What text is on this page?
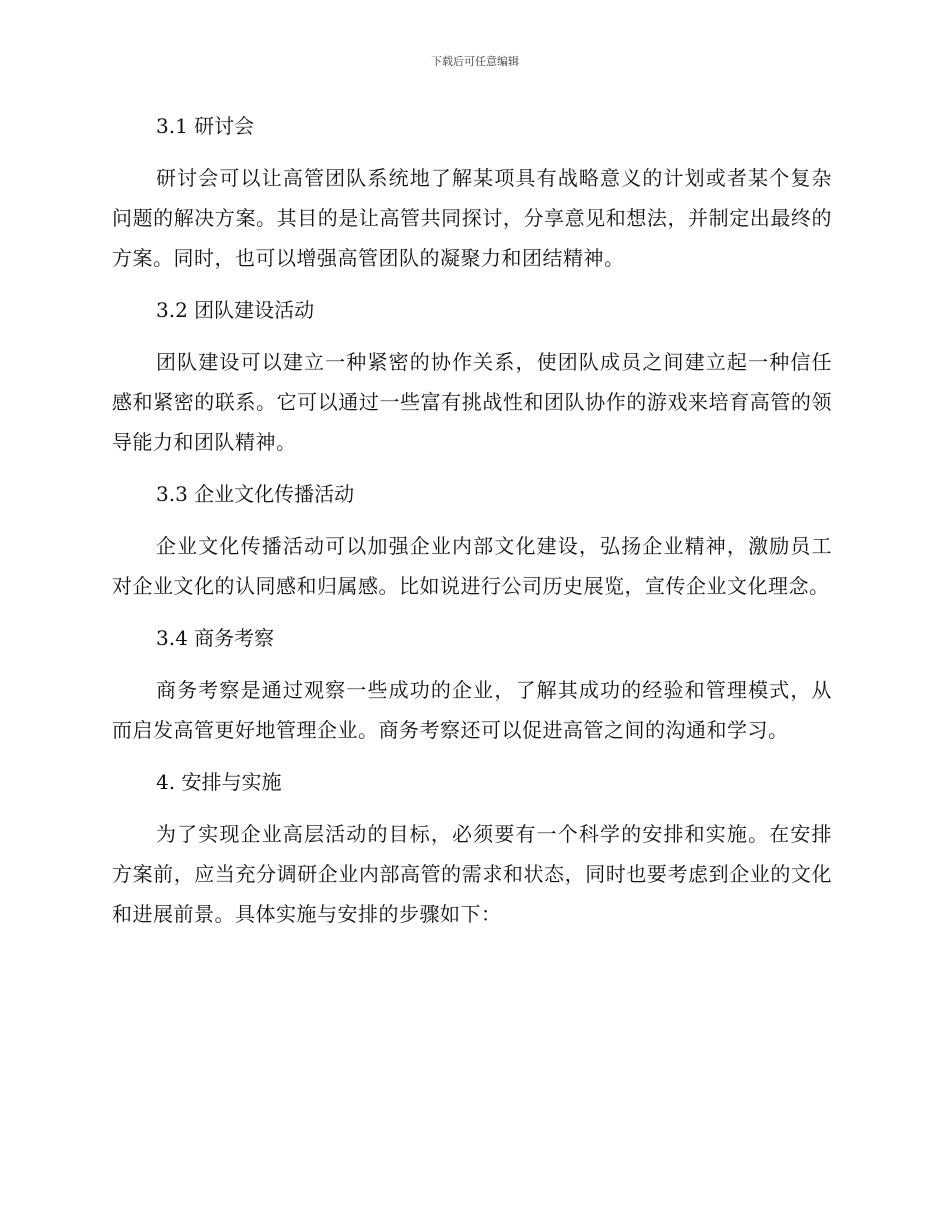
下载后可任意编辑
3.1 研讨会

研讨会可以让高管团队系统地了解某项具有战略意义的计划或者某个复杂问题的解决方案。其目的是让高管共同探讨，分享意见和想法，并制定出最终的方案。同时，也可以增强高管团队的凝聚力和团结精神。

3.2 团队建设活动

团队建设可以建立一种紧密的协作关系，使团队成员之间建立起一种信任感和紧密的联系。它可以通过一些富有挑战性和团队协作的游戏来培育高管的领导能力和团队精神。

3.3 企业文化传播活动

企业文化传播活动可以加强企业内部文化建设，弘扬企业精神，激励员工对企业文化的认同感和归属感。比如说进行公司历史展览，宣传企业文化理念。

3.4 商务考察

商务考察是通过观察一些成功的企业，了解其成功的经验和管理模式，从而启发高管更好地管理企业。商务考察还可以促进高管之间的沟通和学习。

4. 安排与实施

为了实现企业高层活动的目标，必须要有一个科学的安排和实施。在安排方案前，应当充分调研企业内部高管的需求和状态，同时也要考虑到企业的文化和进展前景。具体实施与安排的步骤如下：
